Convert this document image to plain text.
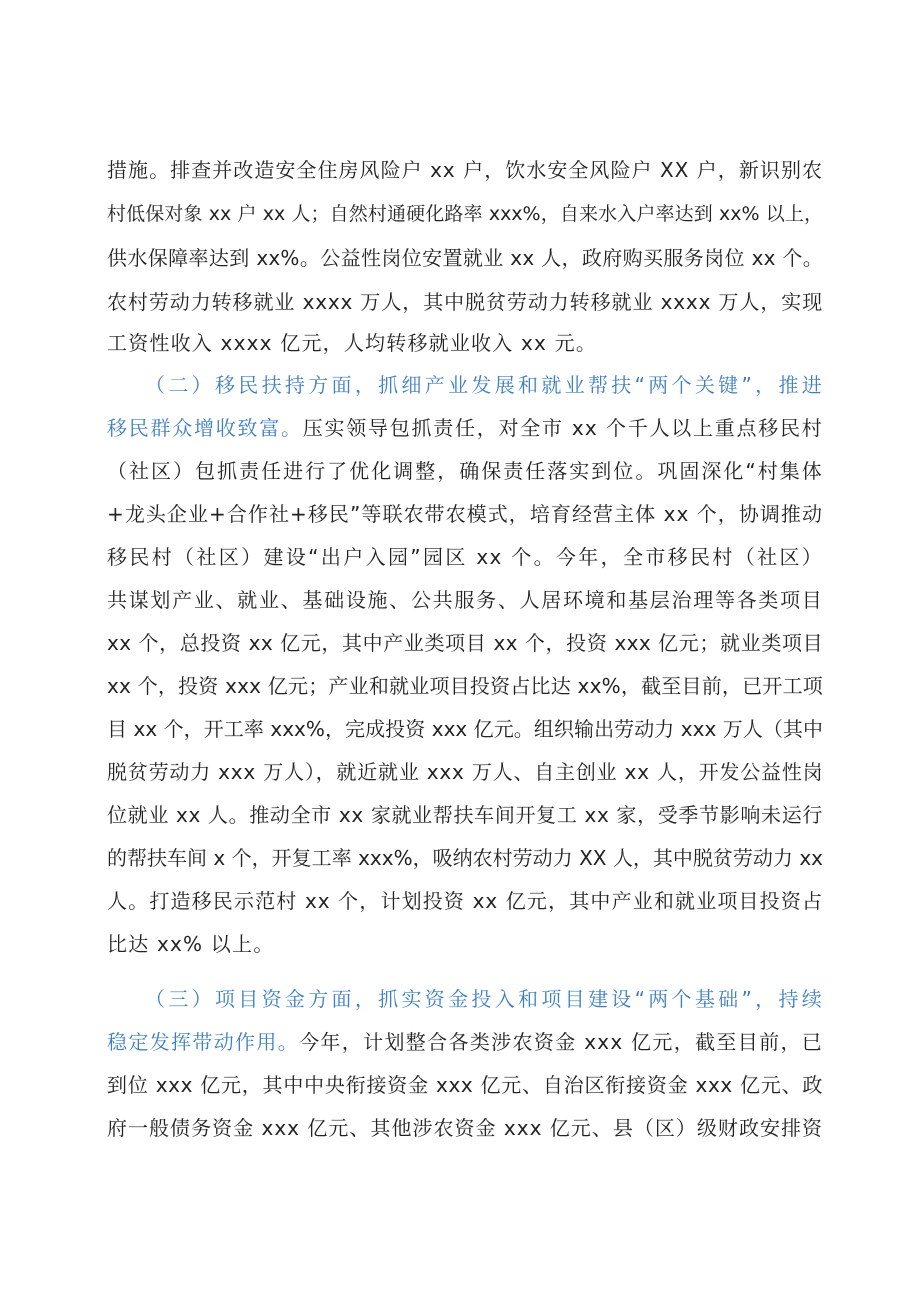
措施。排查并改造安全住房风险户 xx 户，饮水安全风险户 XX 户，新识别农
村低保对象 xx 户 xx 人；自然村通硬化路率 xxx%，自来水入户率达到 xx% 以上，
供水保障率达到 xx%。公益性岗位安置就业 xx 人，政府购买服务岗位 xx 个。
农村劳动力转移就业 xxxx 万人，其中脱贫劳动力转移就业 xxxx 万人，实现
工资性收入 xxxx 亿元，人均转移就业收入 xx 元。
（二）移民扶持方面，抓细产业发展和就业帮扶“两个关键”，推进
移民群众增收致富。压实领导包抓责任，对全市 xx 个千人以上重点移民村
（社区）包抓责任进行了优化调整，确保责任落实到位。巩固深化“村集体
+龙头企业+合作社+移民”等联农带农模式，培育经营主体 xx 个，协调推动
移民村（社区）建设“出户入园”园区 xx 个。今年，全市移民村（社区）
共谋划产业、就业、基础设施、公共服务、人居环境和基层治理等各类项目
xx 个，总投资 xx 亿元，其中产业类项目 xx 个，投资 xxx 亿元；就业类项目
xx 个，投资 xxx 亿元；产业和就业项目投资占比达 xx%，截至目前，已开工项
目 xx 个，开工率 xxx%，完成投资 xxx 亿元。组织输出劳动力 xxx 万人（其中
脱贫劳动力 xxx 万人），就近就业 xxx 万人、自主创业 xx 人，开发公益性岗
位就业 xx 人。推动全市 xx 家就业帮扶车间开复工 xx 家，受季节影响未运行
的帮扶车间 x 个，开复工率 xxx%，吸纳农村劳动力 XX 人，其中脱贫劳动力 xx
人。打造移民示范村 xx 个，计划投资 xx 亿元，其中产业和就业项目投资占
比达 xx% 以上。
（三）项目资金方面，抓实资金投入和项目建设“两个基础”，持续
稳定发挥带动作用。今年，计划整合各类涉农资金 xxx 亿元，截至目前，已
到位 xxx 亿元，其中中央衔接资金 xxx 亿元、自治区衔接资金 xxx 亿元、政
府一般债务资金 xxx 亿元、其他涉农资金 xxx 亿元、县（区）级财政安排资
